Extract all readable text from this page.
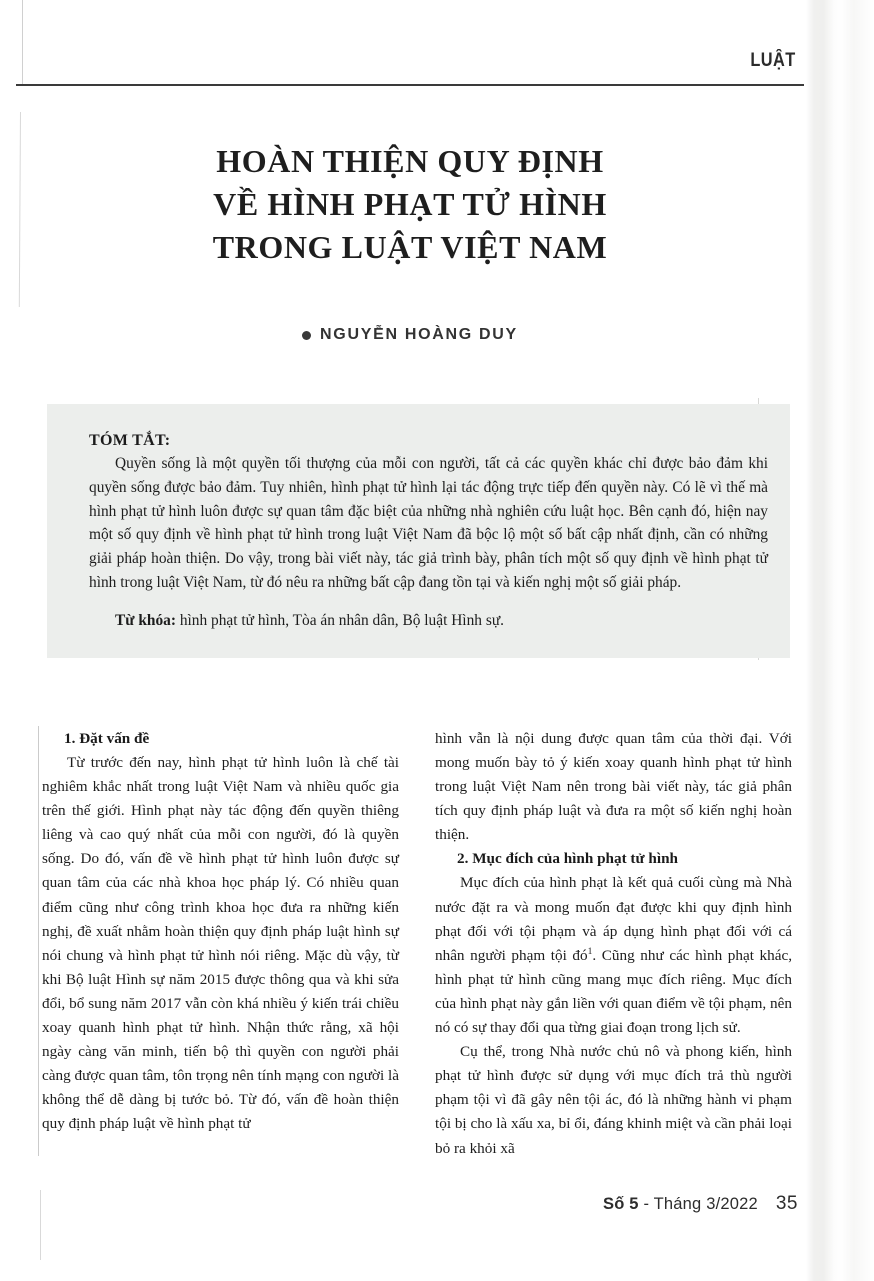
LUẬT
HOÀN THIỆN QUY ĐỊNH
VỀ HÌNH PHẠT TỬ HÌNH
TRONG LUẬT VIỆT NAM
NGUYỄN HOÀNG DUY

TÓM TẮT:

Quyền sống là một quyền tối thượng của mỗi con người, tất cả các quyền khác chỉ được bảo đảm khi quyền sống được bảo đảm. Tuy nhiên, hình phạt tử hình lại tác động trực tiếp đến quyền này. Có lẽ vì thế mà hình phạt tử hình luôn được sự quan tâm đặc biệt của những nhà nghiên cứu luật học. Bên cạnh đó, hiện nay một số quy định về hình phạt tử hình trong luật Việt Nam đã bộc lộ một số bất cập nhất định, cần có những giải pháp hoàn thiện. Do vậy, trong bài viết này, tác giả trình bày, phân tích một số quy định về hình phạt tử hình trong luật Việt Nam, từ đó nêu ra những bất cập đang tồn tại và kiến nghị một số giải pháp.

Từ khóa: hình phạt tử hình, Tòa án nhân dân, Bộ luật Hình sự.

1. Đặt vấn đề

Từ trước đến nay, hình phạt tử hình luôn là chế tài nghiêm khắc nhất trong luật Việt Nam và nhiều quốc gia trên thế giới. Hình phạt này tác động đến quyền thiêng liêng và cao quý nhất của mỗi con người, đó là quyền sống. Do đó, vấn đề về hình phạt tử hình luôn được sự quan tâm của các nhà khoa học pháp lý. Có nhiều quan điểm cũng như công trình khoa học đưa ra những kiến nghị, đề xuất nhằm hoàn thiện quy định pháp luật hình sự nói chung và hình phạt tử hình nói riêng. Mặc dù vậy, từ khi Bộ luật Hình sự năm 2015 được thông qua và khi sửa đổi, bổ sung năm 2017 vẫn còn khá nhiều ý kiến trái chiều xoay quanh hình phạt tử hình. Nhận thức rằng, xã hội ngày càng văn minh, tiến bộ thì quyền con người phải càng được quan tâm, tôn trọng nên tính mạng con người là không thể dễ dàng bị tước bỏ. Từ đó, vấn đề hoàn thiện quy định pháp luật về hình phạt tử

hình vẫn là nội dung được quan tâm của thời đại. Với mong muốn bày tỏ ý kiến xoay quanh hình phạt tử hình trong luật Việt Nam nên trong bài viết này, tác giả phân tích quy định pháp luật và đưa ra một số kiến nghị hoàn thiện.

2. Mục đích của hình phạt tử hình

Mục đích của hình phạt là kết quả cuối cùng mà Nhà nước đặt ra và mong muốn đạt được khi quy định hình phạt đối với tội phạm và áp dụng hình phạt đối với cá nhân người phạm tội đó$^1$. Cũng như các hình phạt khác, hình phạt tử hình cũng mang mục đích riêng. Mục đích của hình phạt này gắn liền với quan điểm về tội phạm, nên nó có sự thay đổi qua từng giai đoạn trong lịch sử.

Cụ thể, trong Nhà nước chủ nô và phong kiến, hình phạt tử hình được sử dụng với mục đích trả thù người phạm tội vì đã gây nên tội ác, đó là những hành vi phạm tội bị cho là xấu xa, bỉ ổi, đáng khinh miệt và cần phải loại bỏ ra khỏi xã

Số 5 - Tháng 3/2022 35
